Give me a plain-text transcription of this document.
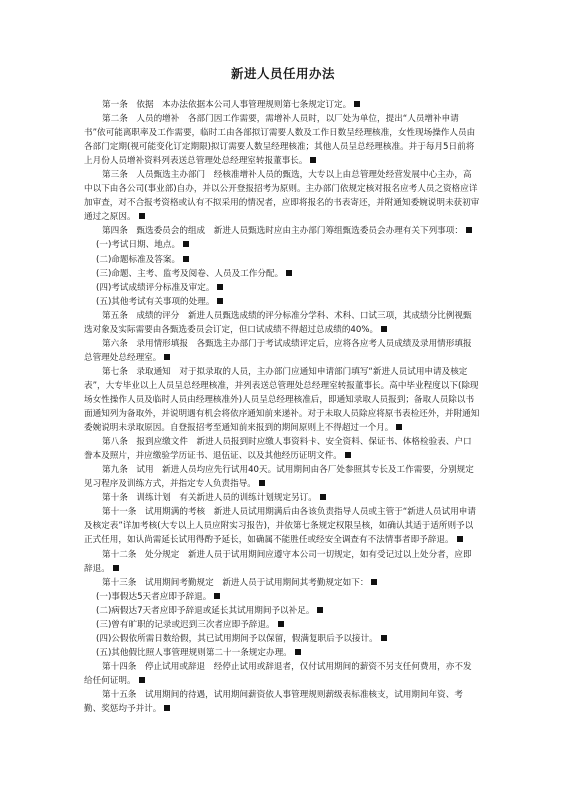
新进人员任用办法

第一条　依据　本办法依据本公司人事管理规则第七条规定订定。

第二条　人员的增补　各部门因工作需要，需增补人员时，以厂处为单位，提出“人员增补申请书”依可能离职率及工作需要，临时工由各部拟订需要人数及工作日数呈经理核准，女性现场操作人员由各部门定期(视可能变化订定期限)拟订需要人数呈经理核准；其他人员呈总经理核准。并于每月5日前将上月份人员增补资料列表送总管理处总经理室转报董事长。

第三条　人员甄选主办部门　经核准增补人员的甄选，大专以上由总管理处经营发展中心主办，高中以下由各公司(事业部)自办，并以公开登报招考为原则。主办部门依规定核对报名应考人员之资格应详加审查，对不合报考资格或认有不拟采用的情况者，应即将报名的书表寄还，并附通知委婉说明未获初审通过之原因。

第四条　甄选委员会的组成　新进人员甄选时应由主办部门筹组甄选委员会办理有关下列事项：

(一)考试日期、地点。

(二)命题标准及答案。

(三)命题、主考、监考及阅卷、人员及工作分配。

(四)考试成绩评分标准及审定。

(五)其他考试有关事项的处理。

第五条　成绩的评分　新进人员甄选成绩的评分标准分学科、术科、口试三项，其成绩分比例视甄选对象及实际需要由各甄选委员会订定，但口试成绩不得超过总成绩的40%。

第六条　录用情形填报　各甄选主办部门于考试成绩评定后，应将各应考人员成绩及录用情形填报总管理处总经理室。

第七条　录取通知　对于拟录取的人员，主办部门应通知申请部门填写“新进人员试用申请及核定表”，大专毕业以上人员呈总经理核准，并列表送总管理处总经理室转报董事长。高中毕业程度以下(除现场女性操作人员及临时人员由经理核准外)人员呈总经理核准后，即通知录取人员报到；备取人员除以书面通知列为备取外，并说明遇有机会将依序通知前来递补。对于未取人员除应将原书表检还外，并附通知委婉说明未录取原因。自登报招考至通知前来报到的期间原则上不得超过一个月。

第八条　报到应缴文件　新进人员报到时应缴人事资料卡、安全资料、保证书、体格检验表、户口誊本及照片，并应缴验学历证书、退伍证、以及其他经历证明文件。

第九条　试用　新进人员均应先行试用40天。试用期间由各厂处参照其专长及工作需要，分别规定见习程序及训练方式，并指定专人负责指导。

第十条　训练计划　有关新进人员的训练计划规定另订。

第十一条　试用期满的考核　新进人员试用期满后由各该负责指导人员或主管于“新进人员试用申请及核定表”详加考核(大专以上人员应附实习报告)，并依第七条规定权限呈核，如确认其适于适所则予以正式任用，如认尚需延长试用得酌予延长，如确属不能胜任或经安全调查有不法情事者即予辞退。

第十二条　处分规定　新进人员于试用期间应遵守本公司一切规定，如有受记过以上处分者，应即辞退。

第十三条　试用期间考勤规定　新进人员于试用期间其考勤规定如下：

(一)事假达5天者应即予辞退。

(二)病假达7天者应即予辞退或延长其试用期间予以补足。

(三)曾有旷职的记录或迟到三次者应即予辞退。

(四)公假依所需日数给假，其已试用期间予以保留，假满复职后予以接计。

(五)其他假比照人事管理规则第二十一条规定办理。

第十四条　停止试用或辞退　经停止试用或辞退者，仅付试用期间的薪资不另支任何费用，亦不发给任何证明。

第十五条　试用期间的待遇，试用期间薪资依人事管理规则薪级表标准核支，试用期间年资、考勤、奖惩均予并计。
